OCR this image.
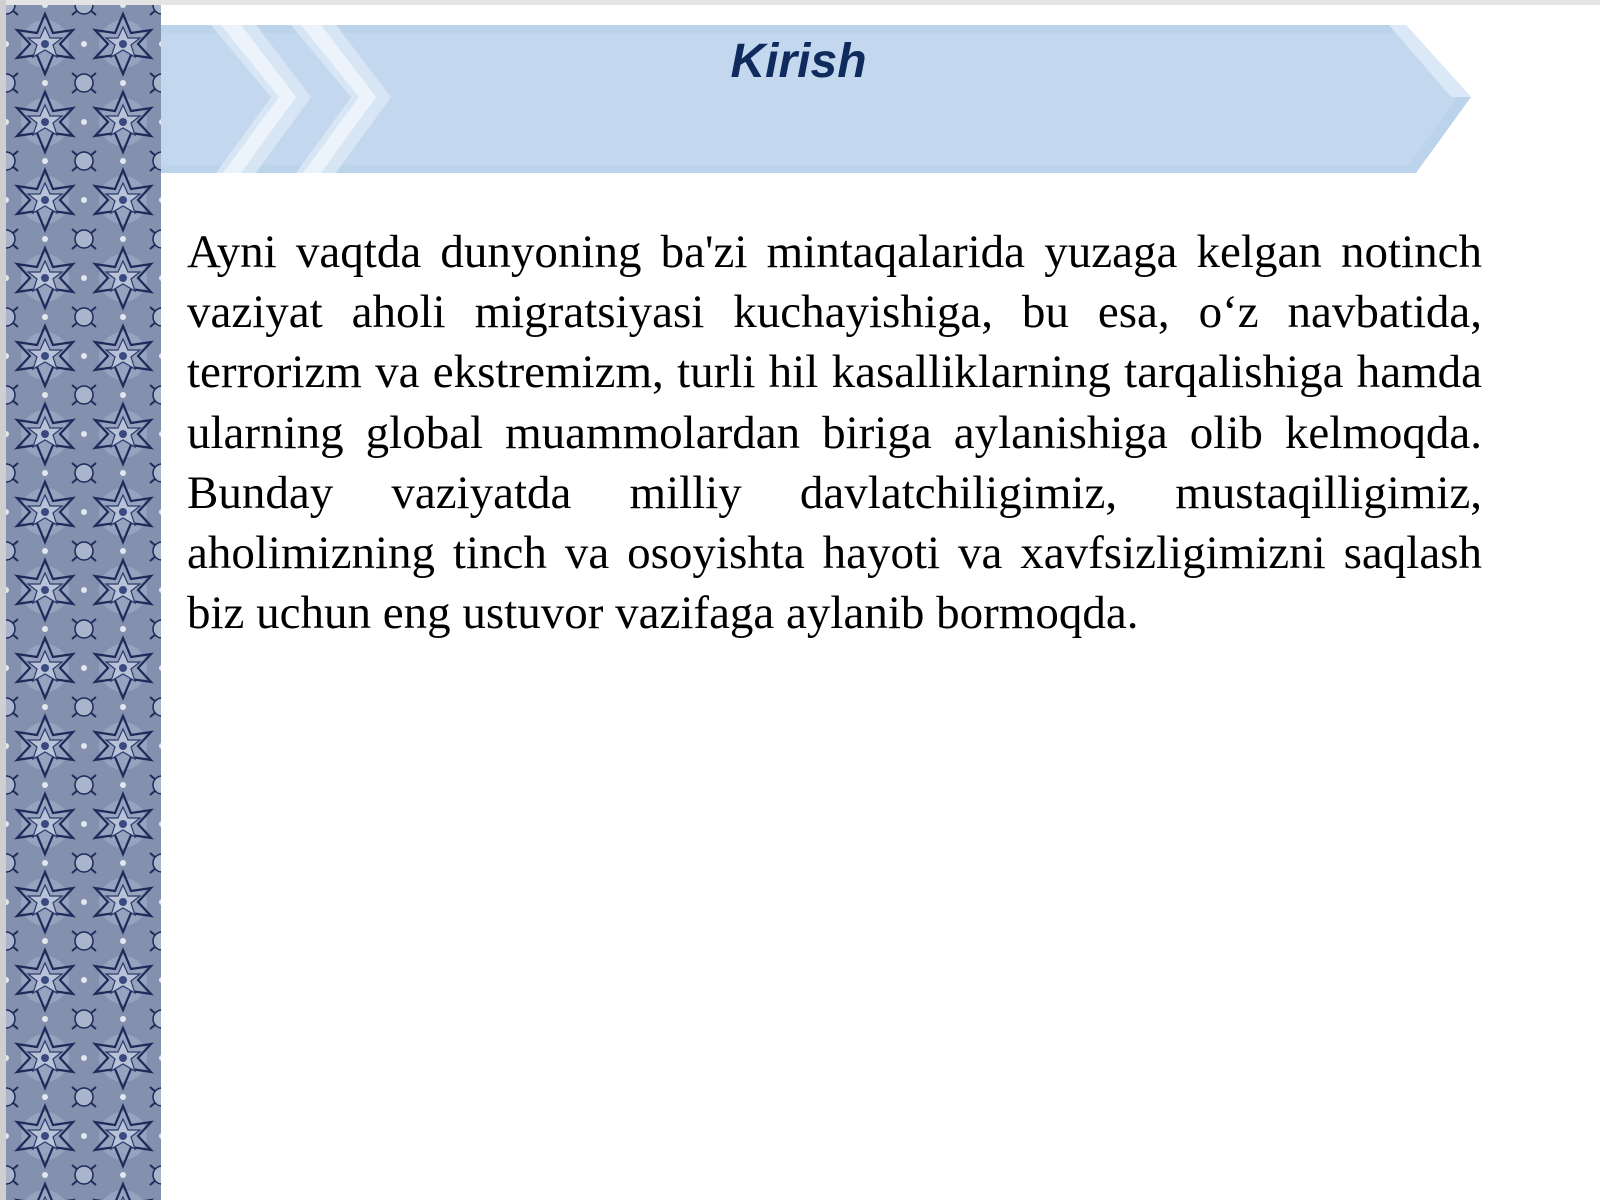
Kirish

Ayni vaqtda dunyoning ba'zi mintaqalarida yuzaga kelgan notinch vaziyat aholi migratsiyasi kuchayishiga, bu esa, o‘z navbatida, terrorizm va ekstremizm, turli hil kasalliklarning tarqalishiga hamda ularning global muammolardan biriga aylanishiga olib kelmoqda. Bunday vaziyatda milliy davlatchiligimiz, mustaqilligimiz, aholimizning tinch va osoyishta hayoti va xavfsizligimizni saqlash biz uchun eng ustuvor vazifaga aylanib bormoqda.
